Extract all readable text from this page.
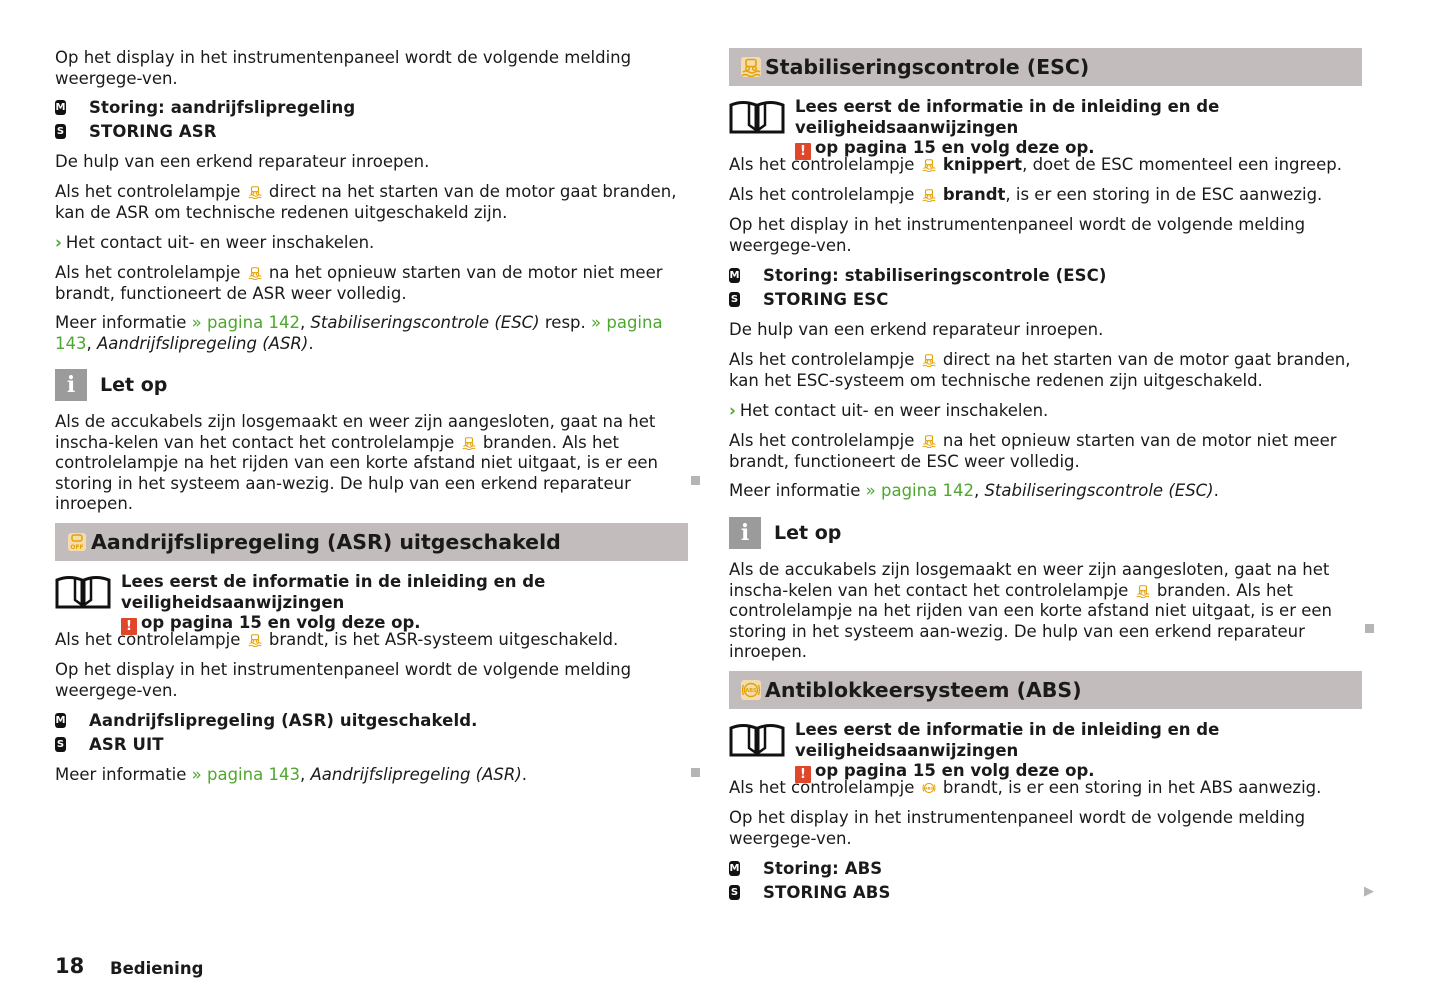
Op het display in het instrumentenpaneel wordt de volgende melding weergege-ven.

M Storing: aandrijfslipregeling
S STORING ASR

De hulp van een erkend reparateur inroepen.

Als het controlelampje direct na het starten van de motor gaat branden, kan de ASR om technische redenen uitgeschakeld zijn.

› Het contact uit- en weer inschakelen.

Als het controlelampje na het opnieuw starten van de motor niet meer brandt, functioneert de ASR weer volledig.

Meer informatie » pagina 142, Stabiliseringscontrole (ESC) resp. » pagina 143, Aandrijfslipregeling (ASR).

i	Let op

Als de accukabels zijn losgemaakt en weer zijn aangesloten, gaat na het inscha-kelen van het contact het controlelampje branden. Als het controlelampje na het rijden van een korte afstand niet uitgaat, is er een storing in het systeem aan-wezig. De hulp van een erkend reparateur inroepen.

OFF Aandrijfslipregeling (ASR) uitgeschakeld
Lees eerst de informatie in de inleiding en de veiligheidsaanwijzingen
! op pagina 15 en volg deze op.

Als het controlelampje brandt, is het ASR-systeem uitgeschakeld.

Op het display in het instrumentenpaneel wordt de volgende melding weergege-ven.

M Aandrijfslipregeling (ASR) uitgeschakeld.
S ASR UIT

Meer informatie » pagina 143, Aandrijfslipregeling (ASR).

Stabiliseringscontrole (ESC)
Lees eerst de informatie in de inleiding en de veiligheidsaanwijzingen
! op pagina 15 en volg deze op.

Als het controlelampje knippert, doet de ESC momenteel een ingreep.

Als het controlelampje brandt, is er een storing in de ESC aanwezig.

Op het display in het instrumentenpaneel wordt de volgende melding weergege-ven.

M Storing: stabiliseringscontrole (ESC)
S STORING ESC

De hulp van een erkend reparateur inroepen.

Als het controlelampje direct na het starten van de motor gaat branden, kan het ESC-systeem om technische redenen zijn uitgeschakeld.

› Het contact uit- en weer inschakelen.

Als het controlelampje na het opnieuw starten van de motor niet meer brandt, functioneert de ESC weer volledig.

Meer informatie » pagina 142, Stabiliseringscontrole (ESC).

i	Let op

Als de accukabels zijn losgemaakt en weer zijn aangesloten, gaat na het inscha-kelen van het contact het controlelampje branden. Als het controlelampje na het rijden van een korte afstand niet uitgaat, is er een storing in het systeem aan-wezig. De hulp van een erkend reparateur inroepen.

ABS Antiblokkeersysteem (ABS)
Lees eerst de informatie in de inleiding en de veiligheidsaanwijzingen
! op pagina 15 en volg deze op.

Als het controlelampje ABS brandt, is er een storing in het ABS aanwezig.

Op het display in het instrumentenpaneel wordt de volgende melding weergege-ven.

M Storing: ABS
S STORING ABS	▶
18 Bediening
